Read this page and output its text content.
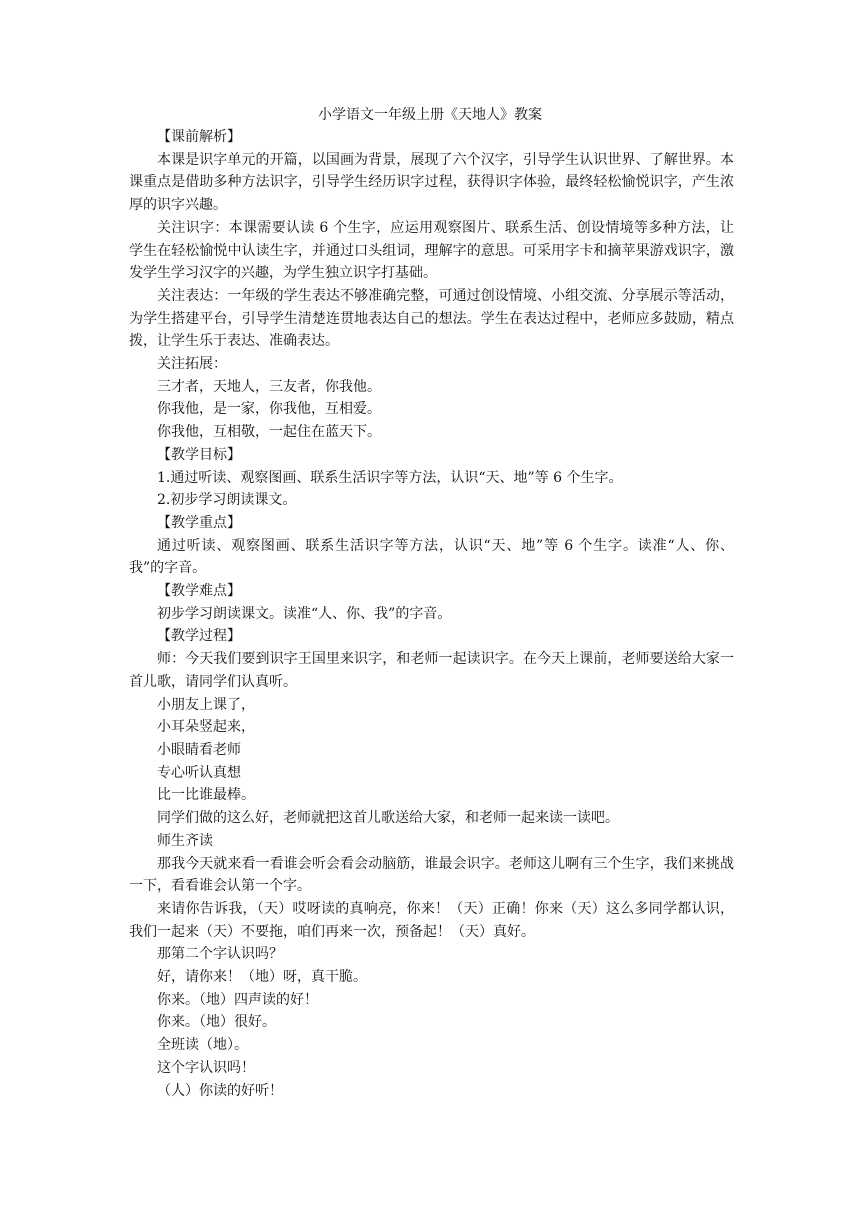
小学语文一年级上册《天地人》教案

【课前解析】

本课是识字单元的开篇，以国画为背景，展现了六个汉字，引导学生认识世界、了解世界。本课重点是借助多种方法识字，引导学生经历识字过程，获得识字体验，最终轻松愉悦识字，产生浓厚的识字兴趣。

关注识字：本课需要认读 6 个生字，应运用观察图片、联系生活、创设情境等多种方法，让学生在轻松愉悦中认读生字，并通过口头组词，理解字的意思。可采用字卡和摘苹果游戏识字，激发学生学习汉字的兴趣，为学生独立识字打基础。

关注表达：一年级的学生表达不够准确完整，可通过创设情境、小组交流、分享展示等活动，为学生搭建平台，引导学生清楚连贯地表达自己的想法。学生在表达过程中，老师应多鼓励，精点拨，让学生乐于表达、准确表达。

关注拓展：

三才者，天地人，三友者，你我他。

你我他，是一家，你我他，互相爱。

你我他，互相敬，一起住在蓝天下。

【教学目标】

1.通过听读、观察图画、联系生活识字等方法，认识“天、地”等 6 个生字。

2.初步学习朗读课文。

【教学重点】

通过听读、观察图画、联系生活识字等方法，认识“天、地”等 6 个生字。读准“人、你、我”的字音。

【教学难点】

初步学习朗读课文。读准“人、你、我”的字音。

【教学过程】

师：今天我们要到识字王国里来识字，和老师一起读识字。在今天上课前，老师要送给大家一首儿歌，请同学们认真听。

小朋友上课了，

小耳朵竖起来，

小眼睛看老师

专心听认真想

比一比谁最棒。

同学们做的这么好，老师就把这首儿歌送给大家，和老师一起来读一读吧。

师生齐读

那我今天就来看一看谁会听会看会动脑筋，谁最会识字。老师这儿啊有三个生字，我们来挑战一下，看看谁会认第一个字。

来请你告诉我，（天）哎呀读的真响亮，你来！（天）正确！你来（天）这么多同学都认识，我们一起来（天）不要拖，咱们再来一次，预备起！（天）真好。

那第二个字认识吗？

好，请你来！（地）呀，真干脆。

你来。（地）四声读的好！

你来。（地）很好。

全班读（地）。

这个字认识吗！

（人）你读的好听！
